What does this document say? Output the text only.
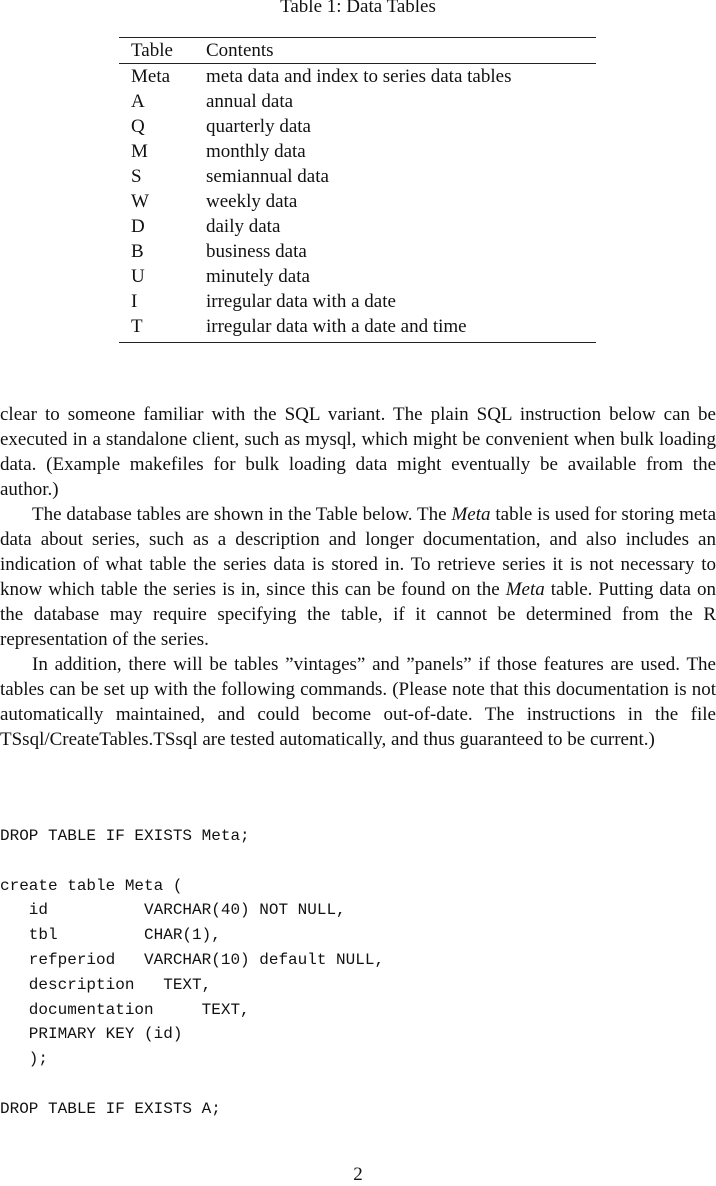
Table 1: Data Tables
Table	Contents
Meta	meta data and index to series data tables
A	annual data
Q	quarterly data
M	monthly data
S	semiannual data
W	weekly data
D	daily data
B	business data
U	minutely data
I	irregular data with a date
T	irregular data with a date and time

clear to someone familiar with the SQL variant. The plain SQL instruction below can be executed in a standalone client, such as mysql, which might be convenient when bulk loading data. (Example makefiles for bulk loading data might eventually be available from the author.)

The database tables are shown in the Table below. The Meta table is used for storing meta data about series, such as a description and longer documentation, and also includes an indication of what table the series data is stored in. To retrieve series it is not necessary to know which table the series is in, since this can be found on the Meta table. Putting data on the database may require specifying the table, if it cannot be determined from the R representation of the series.

In addition, there will be tables ”vintages” and ”panels” if those features are used. The tables can be set up with the following commands. (Please note that this documentation is not automatically maintained, and could become out-of-date. The instructions in the file TSsql/CreateTables.TSsql are tested automatically, and thus guaranteed to be current.)

DROP TABLE IF EXISTS Meta;

create table Meta (
id          VARCHAR(40) NOT NULL,
tbl         CHAR(1),
refperiod   VARCHAR(10) default NULL,
description   TEXT,
documentation     TEXT,
PRIMARY KEY (id)
);

DROP TABLE IF EXISTS A;
2
